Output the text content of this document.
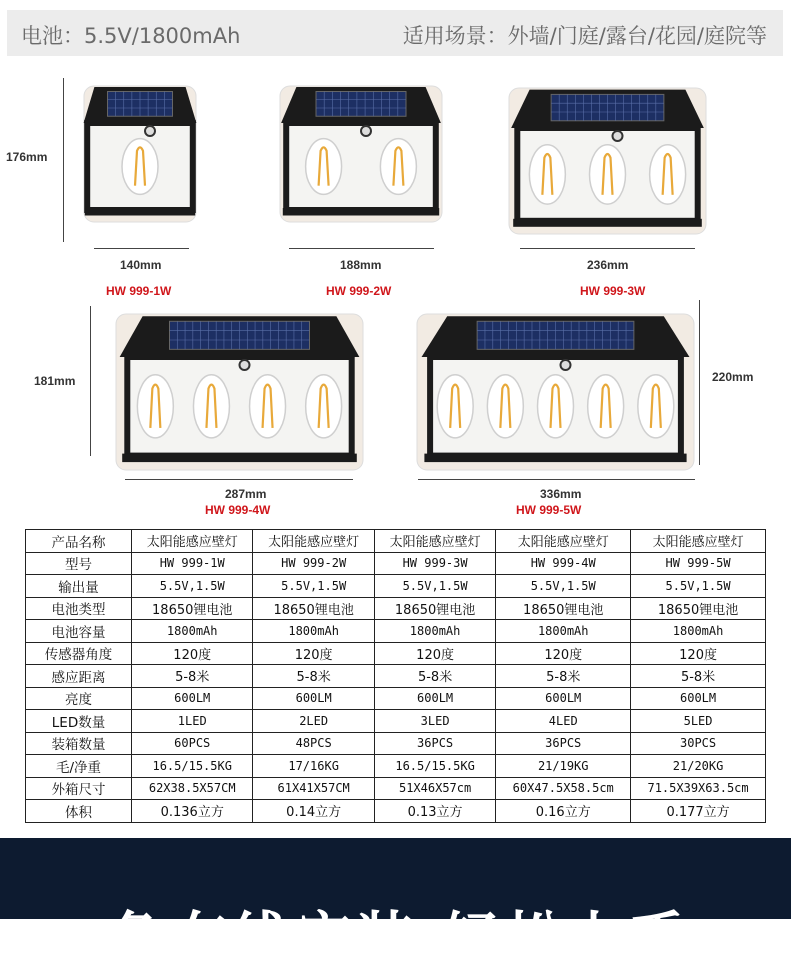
电池：5.5V/1800mAh	适用场景：外墙/门庭/露台/花园/庭院等
176mm
140mm
HW 999-1W
188mm
HW 999-2W
236mm
HW 999-3W
181mm
287mm
HW 999-4W
220mm
336mm
HW 999-5W
产品名称	太阳能感应壁灯	太阳能感应壁灯	太阳能感应壁灯	太阳能感应壁灯	太阳能感应壁灯
型号	HW 999-1W	HW 999-2W	HW 999-3W	HW 999-4W	HW 999-5W
输出量	5.5V,1.5W	5.5V,1.5W	5.5V,1.5W	5.5V,1.5W	5.5V,1.5W
电池类型	18650锂电池	18650锂电池	18650锂电池	18650锂电池	18650锂电池
电池容量	1800mAh	1800mAh	1800mAh	1800mAh	1800mAh
传感器角度	120度	120度	120度	120度	120度
感应距离	5-8米	5-8米	5-8米	5-8米	5-8米
亮度	600LM	600LM	600LM	600LM	600LM
LED数量	1LED	2LED	3LED	4LED	5LED
装箱数量	60PCS	48PCS	36PCS	36PCS	30PCS
毛/净重	16.5/15.5KG	17/16KG	16.5/15.5KG	21/19KG	21/20KG
外箱尺寸	62X38.5X57CM	61X41X57CM	51X46X57cm	60X47.5X58.5cm	71.5X39X63.5cm
体积	0.136立方	0.14立方	0.13立方	0.16立方	0.177立方
免布线安装 轻松上手
